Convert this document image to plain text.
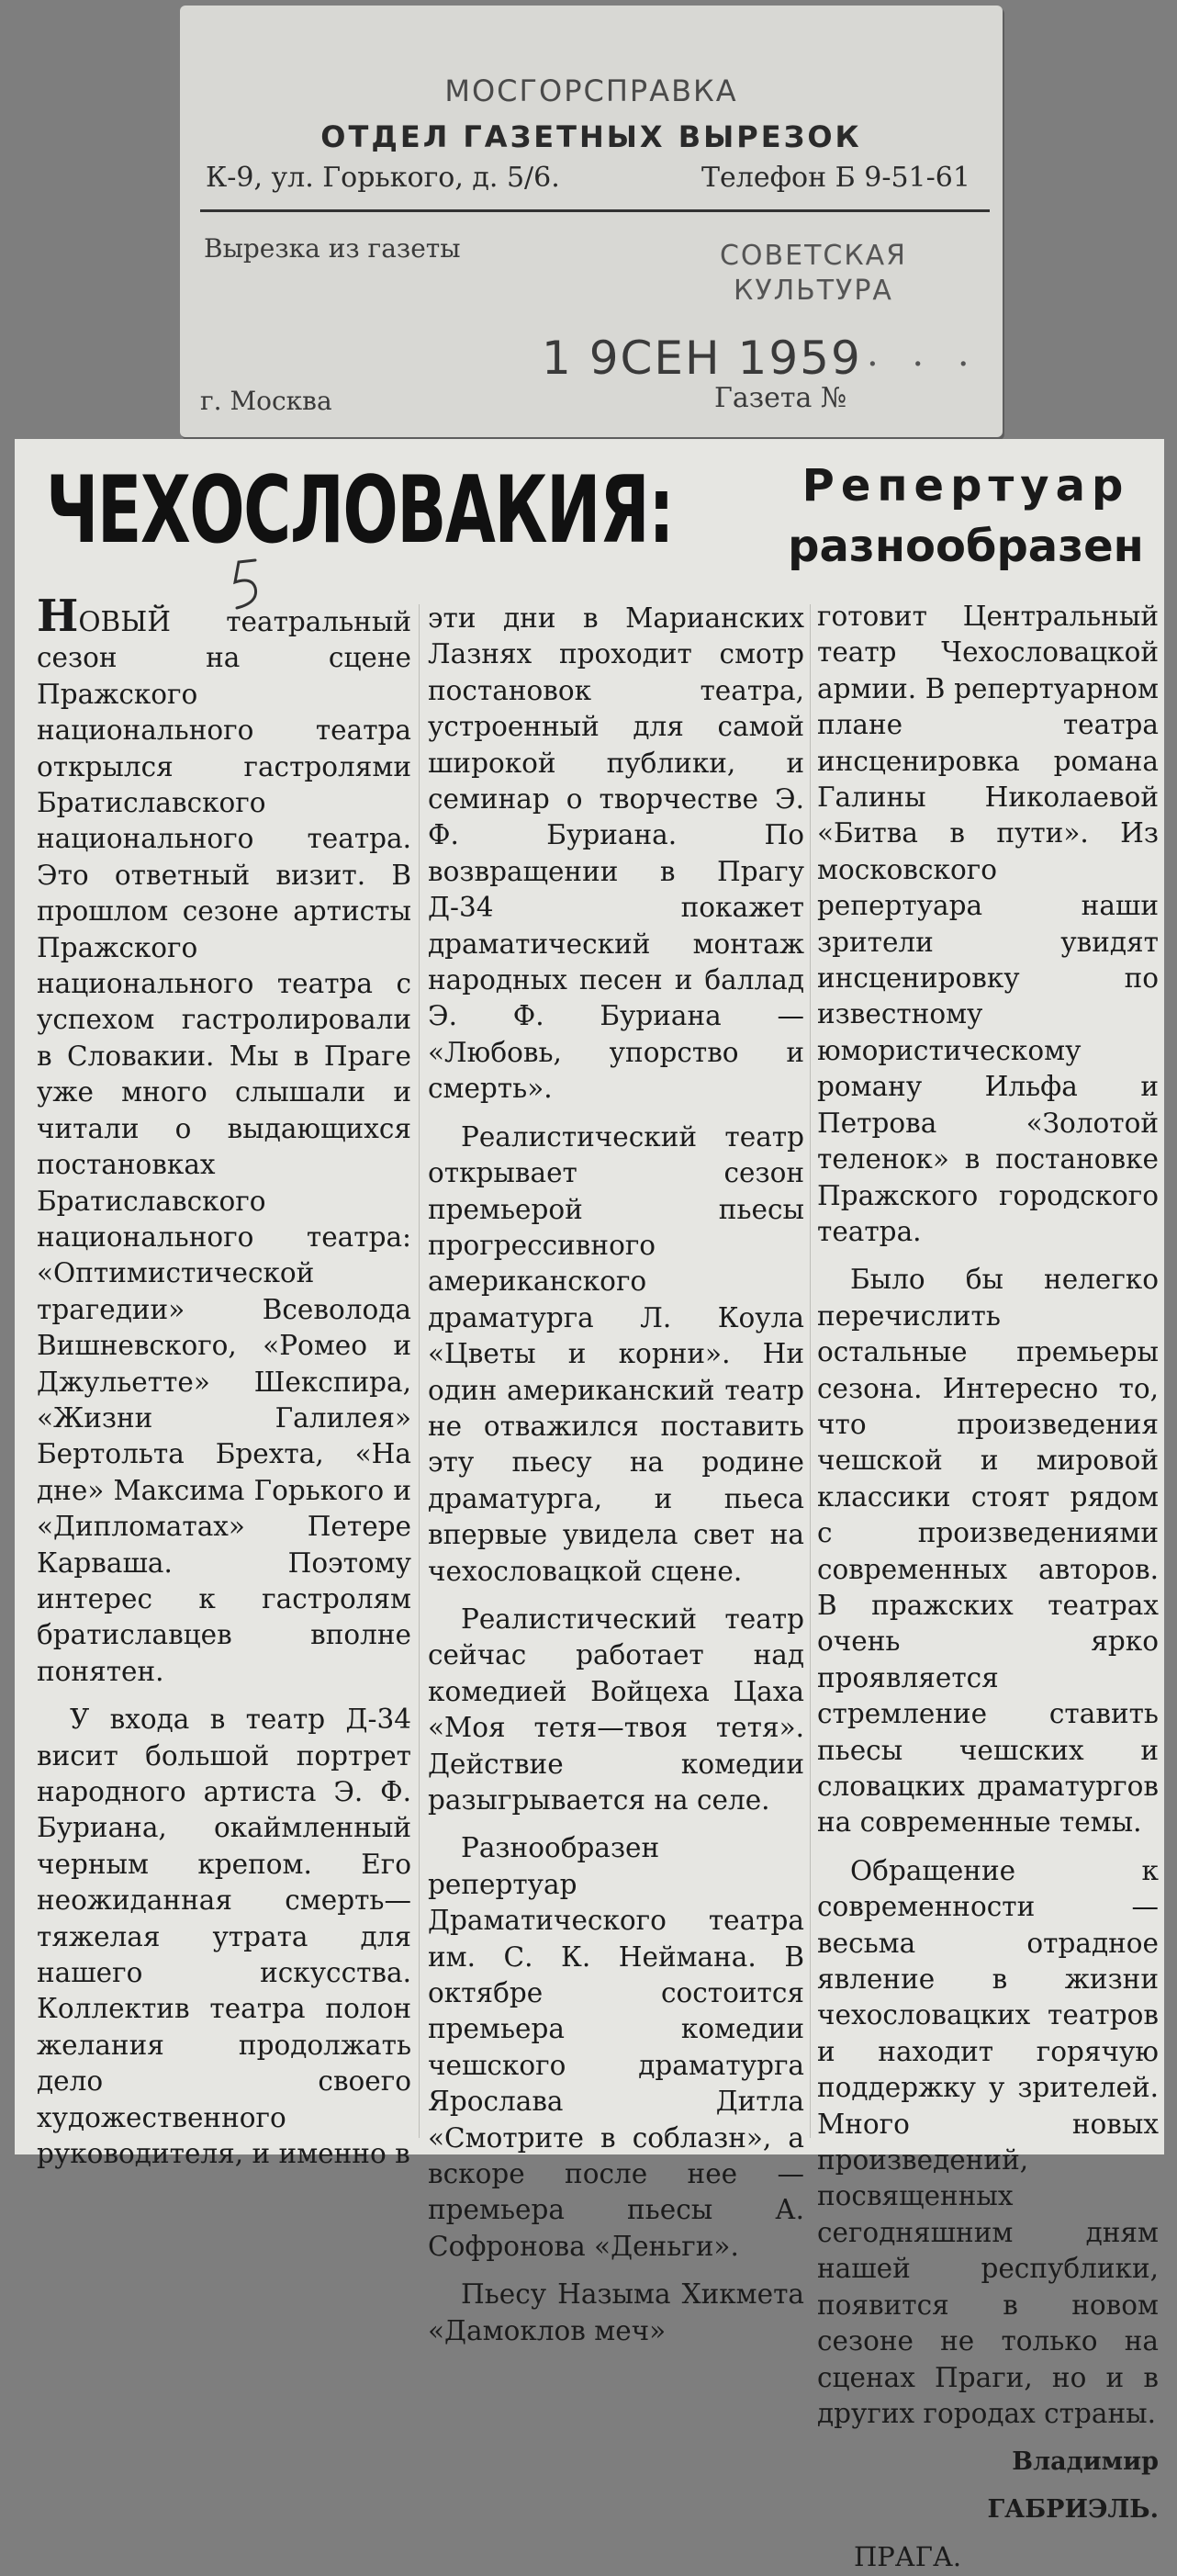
МОСГОРСПРАВКА
ОТДЕЛ ГАЗЕТНЫХ ВЫРЕЗОК
К-9, ул. Горького, д. 5/6.	Телефон Б 9-51-61
Вырезка из газеты	СОВЕТСКАЯ КУЛЬТУРА
1 9СЕН 1959 . . .
г. Москва	Газета №
ЧЕХОСЛОВАКИЯ:	Репертуар
разнообразен

НОВЫЙ театральный сезон на сцене Пражского национального театра открылся гастролями Братиславского национального театра. Это ответный визит. В прошлом сезоне артисты Пражского национального театра с успехом гастролировали в Словакии. Мы в Праге уже много слышали и читали о выдающихся постановках Братиславского национального театра: «Оптимистической трагедии» Всеволода Вишневского, «Ромео и Джульетте» Шекспира, «Жизни Галилея» Бертольта Брехта, «На дне» Максима Горького и «Дипломатах» Петере Карваша. Поэтому интерес к гастролям братиславцев вполне понятен.

У входа в театр Д-34 висит большой портрет народного артиста Э. Ф. Буриана, окаймленный черным крепом. Его неожиданная смерть—тяжелая утрата для нашего искусства. Коллектив театра полон желания продолжать дело своего художественного руководителя, и именно в

эти дни в Марианских Лазнях проходит смотр постановок театра, устроенный для самой широкой публики, и семинар о творчестве Э. Ф. Буриана. По возвращении в Прагу Д-34 покажет драматический монтаж народных песен и баллад Э. Ф. Буриана — «Любовь, упорство и смерть».

Реалистический театр открывает сезон премьерой пьесы прогрессивного американского драматурга Л. Коула «Цветы и корни». Ни один американский театр не отважился поставить эту пьесу на родине драматурга, и пьеса впервые увидела свет на чехословацкой сцене.

Реалистический театр сейчас работает над комедией Войцеха Цаха «Моя тетя—твоя тетя». Действие комедии разыгрывается на селе.

Разнообразен репертуар Драматического театра им. С. К. Неймана. В октябре состоится премьера комедии чешского драматурга Ярослава Дитла «Смотрите в соблазн», а вскоре после нее —премьера пьесы А. Софронова «Деньги».

Пьесу Назыма Хикмета «Дамоклов меч»

готовит Центральный театр Чехословацкой армии. В репертуарном плане театра инсценировка романа Галины Николаевой «Битва в пути». Из московского репертуара наши зрители увидят инсценировку по известному юмористическому роману Ильфа и Петрова «Золотой теленок» в постановке Пражского городского театра.

Было бы нелегко перечислить остальные премьеры сезона. Интересно то, что произведения чешской и мировой классики стоят рядом с произведениями современных авторов. В пражских театрах очень ярко проявляется стремление ставить пьесы чешских и словацких драматургов на современные темы.

Обращение к современности — весьма отрадное явление в жизни чехословацких театров и находит горячую поддержку у зрителей. Много новых произведений, посвященных сегодняшним дням нашей республики, появится в новом сезоне не только на сценах Праги, но и в других городах страны.

Владимир

ГАБРИЭЛЬ.

ПРАГА.
